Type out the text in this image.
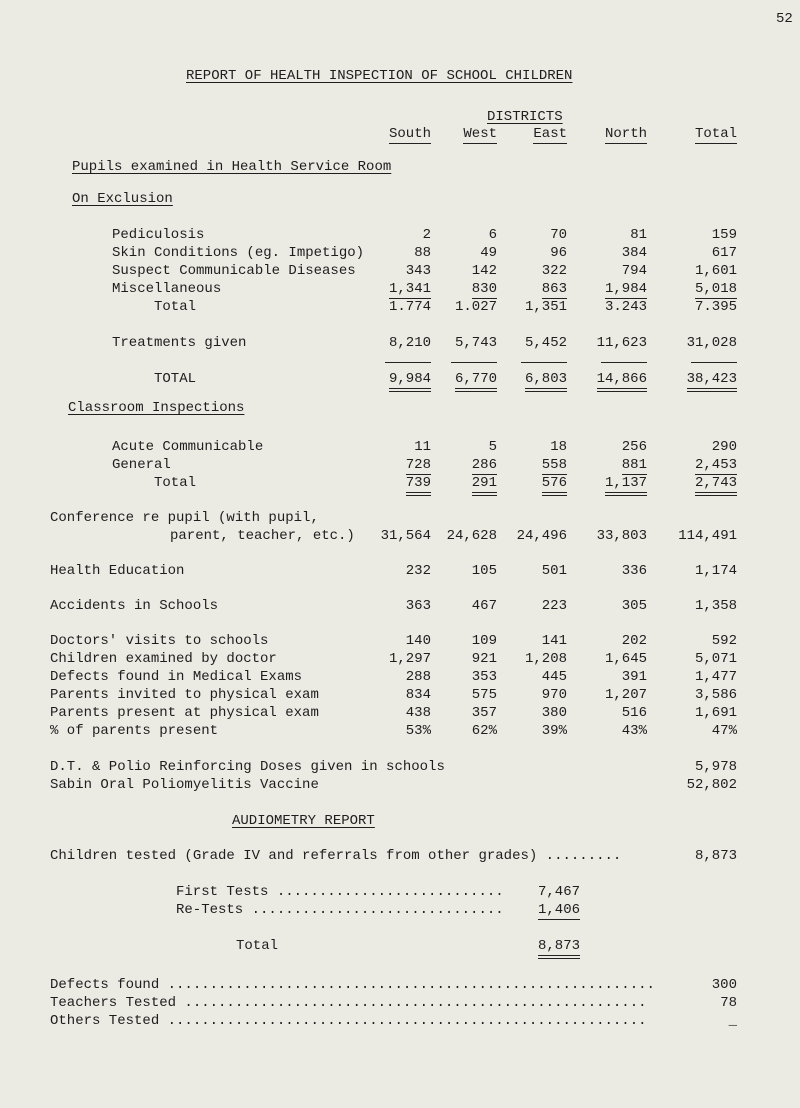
52
REPORT OF HEALTH INSPECTION OF SCHOOL CHILDREN
DISTRICTS
Pupils examined in Health Service Room
On Exclusion
Classroom Inspections
D.T. & Polio Reinforcing Doses given in schools	5,978
Sabin Oral Poliomyelitis Vaccine	52,802
AUDIOMETRY REPORT
Children tested (Grade IV and referrals from other grades) .........	8,873
First Tests ...........................	7,467
Re-Tests ..............................	1,406
Total	8,873
Defects found ..........................................................	300
Teachers Tested .......................................................	78
Others Tested .........................................................	_
South	West	East	North	Total
Pediculosis	2	6	70	81	159
Skin Conditions (eg. Impetigo)	88	49	96	384	617
Suspect Communicable Diseases	343	142	322	794	1,601
Miscellaneous	1,341	830	863	1,984	5,018
Total	1.774	1.027	1,351	3.243	7.395
Treatments given	8,210	5,743	5,452	11,623	31,028
TOTAL	9,984	6,770	6,803	14,866	38,423
Acute Communicable	11	5	18	256	290
General	728	286	558	881	2,453
Total	739	291	576	1,137	2,743
Conference re pupil (with pupil,
parent, teacher, etc.)	31,564	24,628	24,496	33,803	114,491
Health Education	232	105	501	336	1,174
Accidents in Schools	363	467	223	305	1,358
Doctors' visits to schools	140	109	141	202	592
Children examined by doctor	1,297	921	1,208	1,645	5,071
Defects found in Medical Exams	288	353	445	391	1,477
Parents invited to physical exam	834	575	970	1,207	3,586
Parents present at physical exam	438	357	380	516	1,691
% of parents present	53%	62%	39%	43%	47%
